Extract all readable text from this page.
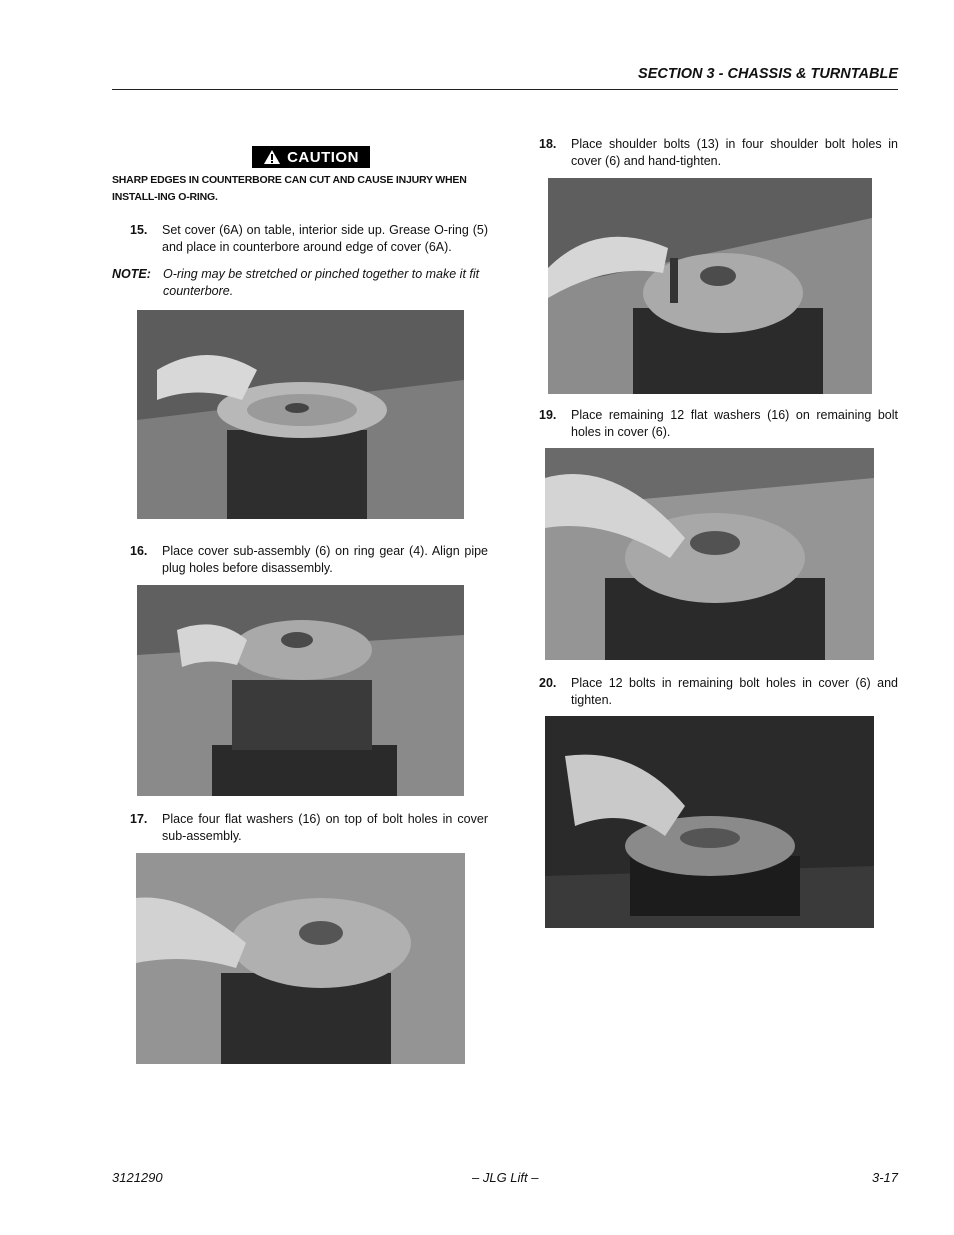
SECTION 3 - CHASSIS & TURNTABLE
CAUTION
SHARP EDGES IN COUNTERBORE CAN CUT AND CAUSE INJURY WHEN INSTALL-ING O-RING.
15. Set cover (6A) on table, interior side up. Grease O-ring (5) and place in counterbore around edge of cover (6A).
NOTE: O-ring may be stretched or pinched together to make it fit counterbore.
16. Place cover sub-assembly (6) on ring gear (4). Align pipe plug holes before disassembly.
17. Place four flat washers (16) on top of bolt holes in cover sub-assembly.
18. Place shoulder bolts (13) in four shoulder bolt holes in cover (6) and hand-tighten.
19. Place remaining 12 flat washers (16) on remaining bolt holes in cover (6).
20. Place 12 bolts in remaining bolt holes in cover (6) and tighten.
3121290	– JLG Lift –	3-17
